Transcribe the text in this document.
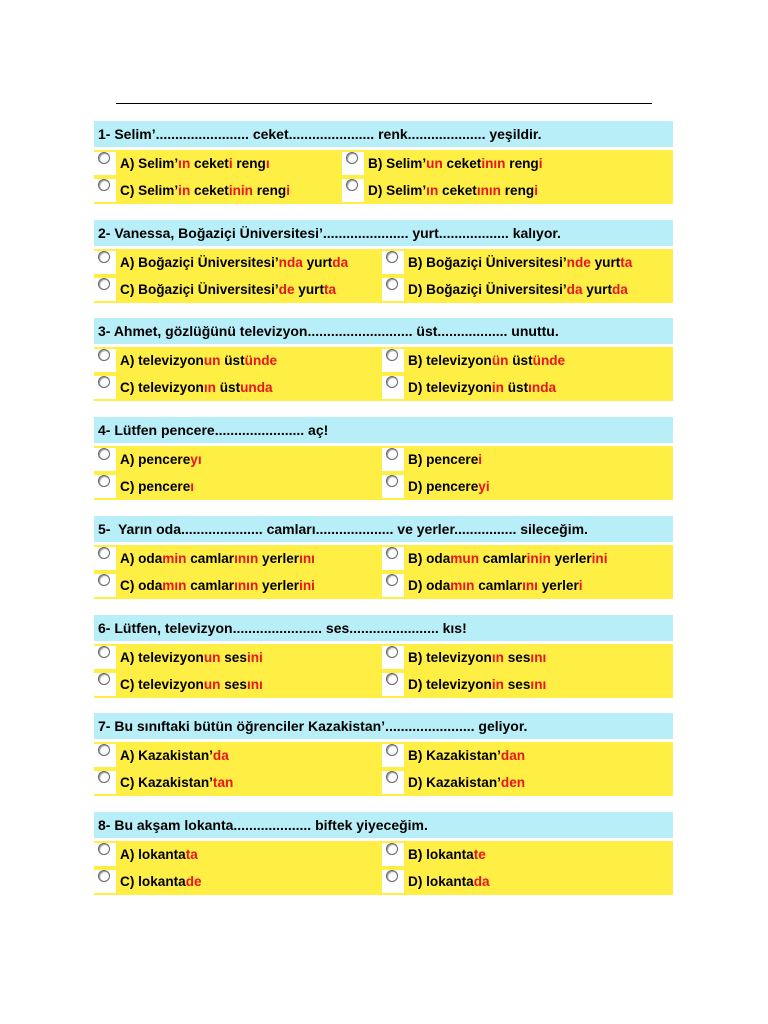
1- Selim’........................ ceket...................... renk.................... yeşildir.
A) Selim’ın ceketi rengı	B) Selim’un ceketinın rengi
C) Selim’in ceketinin rengi	D) Selim’ın ceketının rengi
2- Vanessa, Boğaziçi Üniversitesi’...................... yurt.................. kalıyor.
A) Boğaziçi Üniversitesi’nda yurtda	B) Boğaziçi Üniversitesi’nde yurtta
C) Boğaziçi Üniversitesi’de yurtta	D) Boğaziçi Üniversitesi’da yurtda
3- Ahmet, gözlüğünü televizyon........................... üst.................. unuttu.
A) televizyonun üstünde	B) televizyonün üstünde
C) televizyonın üstunda	D) televizyonin üstında
4- Lütfen pencere....................... aç!
A) pencereyı	B) pencerei
C) pencereı	D) pencereyi
5-  Yarın oda..................... camları.................... ve yerler................ sileceğim.
A) odamin camlarının yerlerını	B) odamun camlarinin yerlerini
C) odamın camlarının yerlerini	D) odamın camlarını yerleri
6- Lütfen, televizyon....................... ses....................... kıs!
A) televizyonun sesini	B) televizyonın sesını
C) televizyonun sesını	D) televizyonin sesını
7- Bu sınıftaki bütün öğrenciler Kazakistan’....................... geliyor.
A) Kazakistan’da	B) Kazakistan’dan
C) Kazakistan’tan	D) Kazakistan’den
8- Bu akşam lokanta.................... biftek yiyeceğim.
A) lokantata	B) lokantate
C) lokantade	D) lokantada
